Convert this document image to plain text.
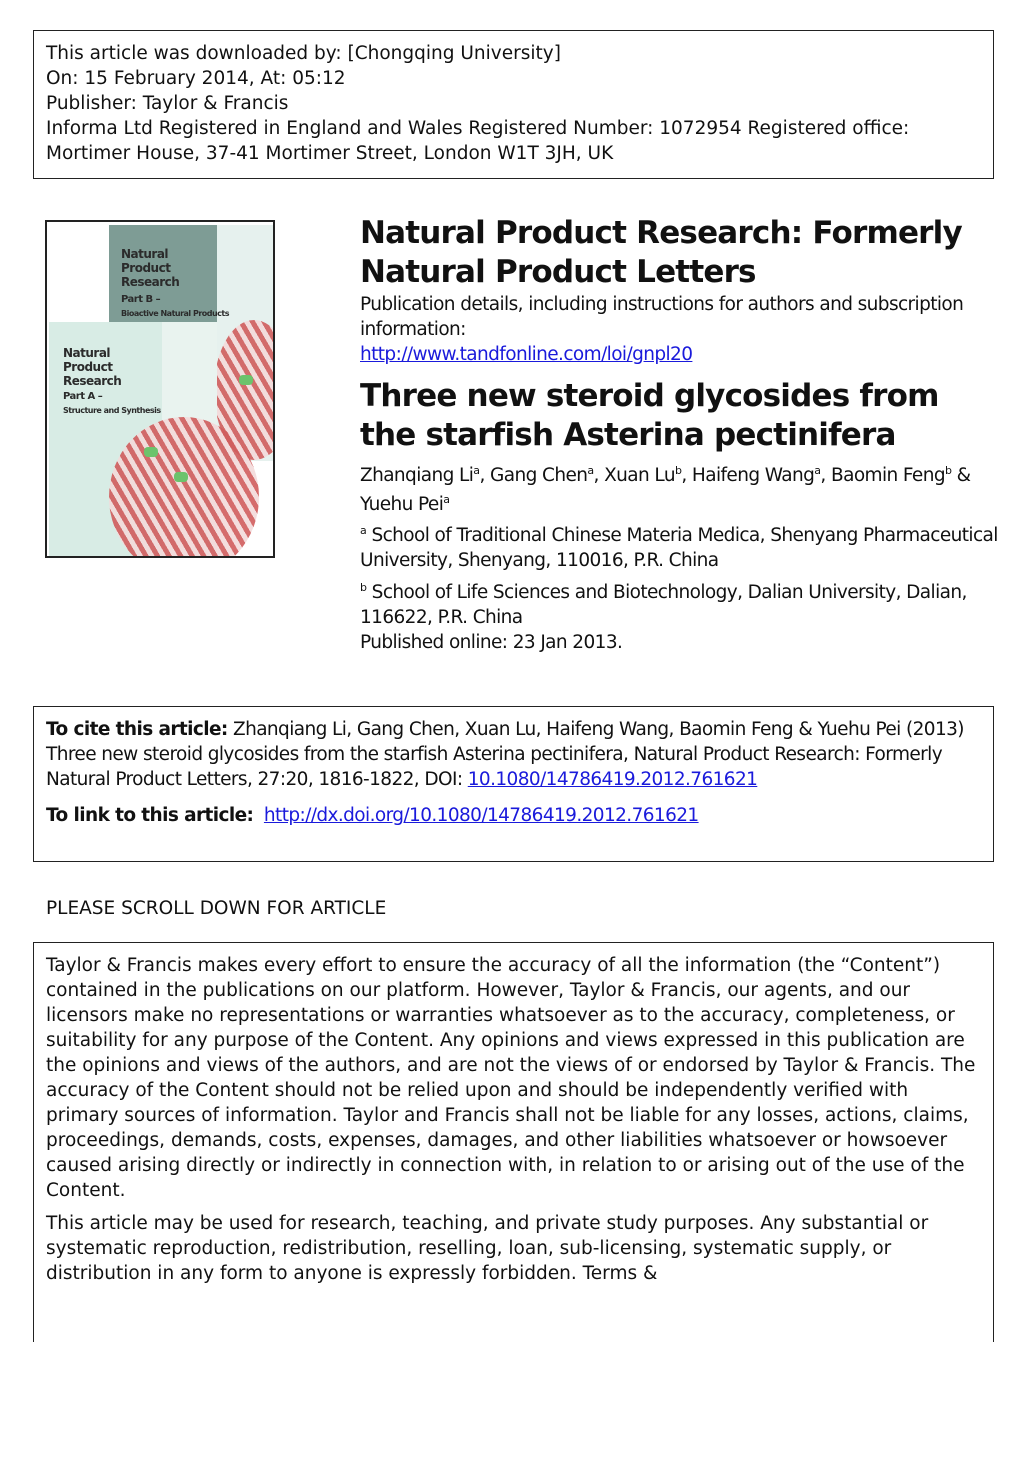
This article was downloaded by: [Chongqing University]
On: 15 February 2014, At: 05:12
Publisher: Taylor & Francis
Informa Ltd Registered in England and Wales Registered Number: 1072954 Registered office: Mortimer House, 37-41 Mortimer Street, London W1T 3JH, UK
Natural Product Research
Part B –
Bioactive Natural Products
Natural Product Research
Part A –
Structure and Synthesis
Natural Product Research: Formerly Natural Product Letters
Publication details, including instructions for authors and subscription information:
http://www.tandfonline.com/loi/gnpl20
Three new steroid glycosides from the starfish Asterina pectinifera
Zhanqiang Li$^a$, Gang Chen$^a$, Xuan Lu$^b$, Haifeng Wang$^a$, Baomin Feng$^b$ & Yuehu Pei$^a$
$^a$ School of Traditional Chinese Materia Medica, Shenyang Pharmaceutical University, Shenyang, 110016, P.R. China
$^b$ School of Life Sciences and Biotechnology, Dalian University, Dalian, 116622, P.R. China
Published online: 23 Jan 2013.

To cite this article: Zhanqiang Li, Gang Chen, Xuan Lu, Haifeng Wang, Baomin Feng & Yuehu Pei (2013) Three new steroid glycosides from the starfish Asterina pectinifera, Natural Product Research: Formerly Natural Product Letters, 27:20, 1816-1822, DOI: 10.1080/14786419.2012.761621

To link to this article: http://dx.doi.org/10.1080/14786419.2012.761621

PLEASE SCROLL DOWN FOR ARTICLE

Taylor & Francis makes every effort to ensure the accuracy of all the information (the “Content”) contained in the publications on our platform. However, Taylor & Francis, our agents, and our licensors make no representations or warranties whatsoever as to the accuracy, completeness, or suitability for any purpose of the Content. Any opinions and views expressed in this publication are the opinions and views of the authors, and are not the views of or endorsed by Taylor & Francis. The accuracy of the Content should not be relied upon and should be independently verified with primary sources of information. Taylor and Francis shall not be liable for any losses, actions, claims, proceedings, demands, costs, expenses, damages, and other liabilities whatsoever or howsoever caused arising directly or indirectly in connection with, in relation to or arising out of the use of the Content.

This article may be used for research, teaching, and private study purposes. Any substantial or systematic reproduction, redistribution, reselling, loan, sub-licensing, systematic supply, or distribution in any form to anyone is expressly forbidden. Terms &
